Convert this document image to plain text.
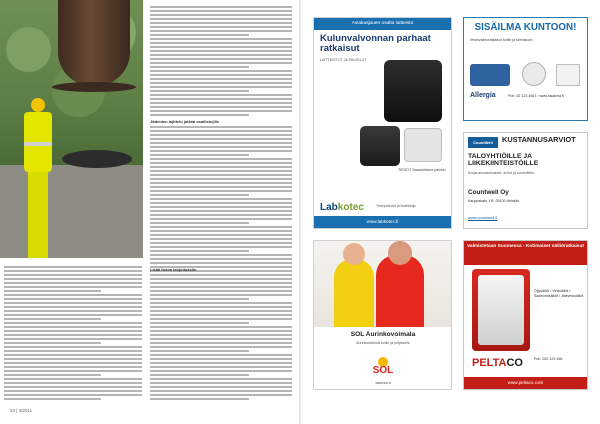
Jätteiden lajittelu jatkaa osallistujille
Lisää tietoa lahjoituksiin
34 | 3/2011
Asiakasjauen osalta laitteisto
Kulunvalvonnan parhaat ratkaisut
LAITTEISTOT JA PALVELUT
TIEDOT Saavutettava palvelu
Labkotec	Yhteystiedot ja lisätietoja
www.labkotec.fi
SISÄILMA KUNTOON!
Ilmanvaihtoratkaisut kotiin ja toimistoon
Allergia	Puh. 02 123 4567 / www.sisailma.fi
CountWell	KUSTANNUSARVIOT
TALOYHTIÖILLE JA LIIKEKIINTEISTÖILLE
Korjauskustannukset, arviot ja suunnittelu
Countwell Oy
Kauppakatu 1 B, 00100 Helsinki
www.countwell.fi
SOL Aurinkovoimala
Aurinkosähköä kotiin ja yritykselle
SOL
www.sol.fi
Valmistetaan Suomessa - Kotimaiset säiliöratkaisut
Öljysäiliöt / Vesisäiliöt / Sadevesisäiliöt / Jätevesisäiliöt
PELTACO	Puh. 020 123 456
www.peltaco.com
